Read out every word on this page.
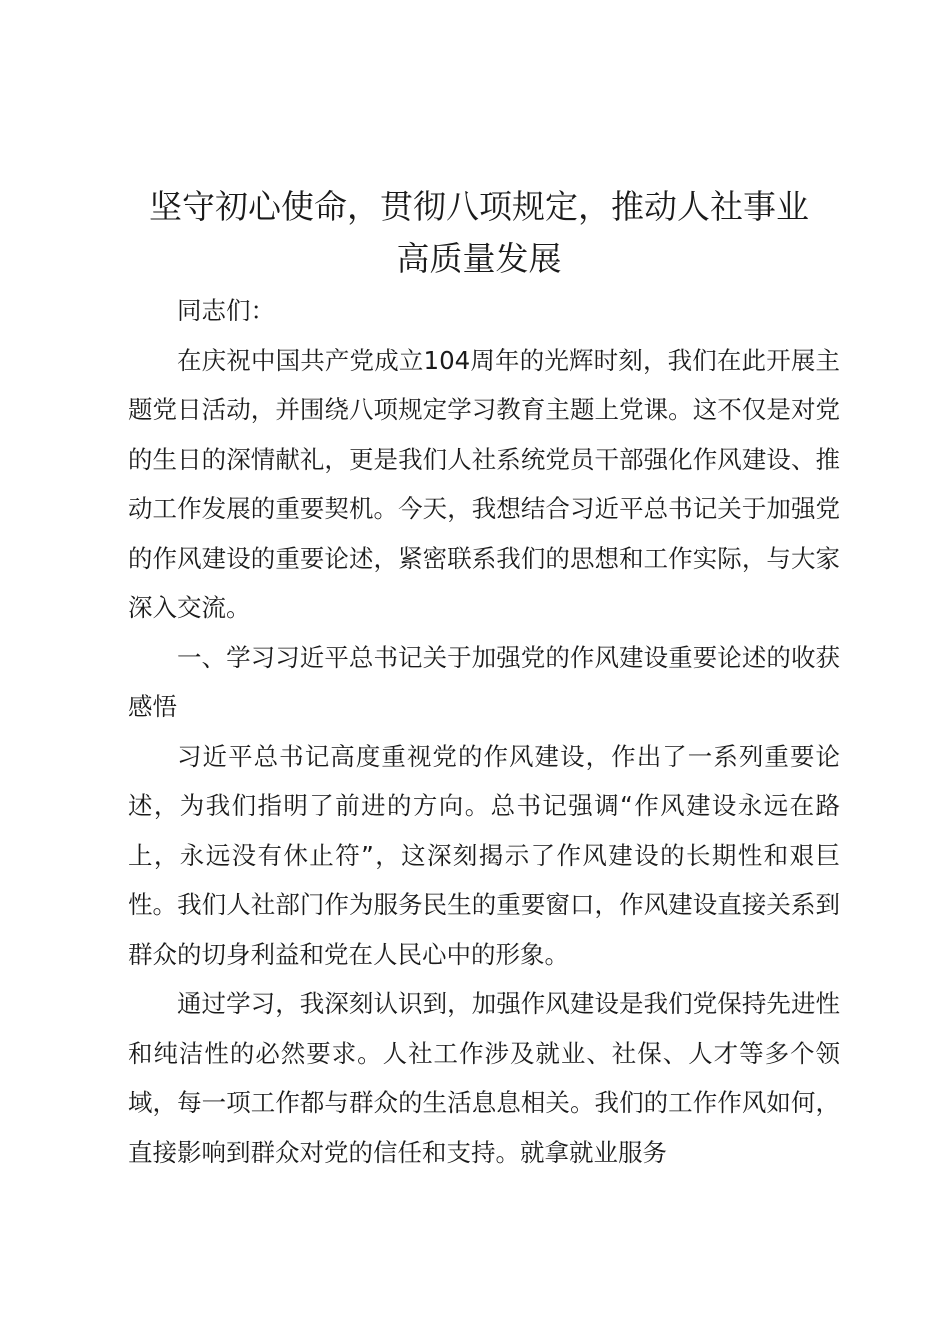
坚守初心使命，贯彻八项规定，推动人社事业
高质量发展

同志们：

在庆祝中国共产党成立104周年的光辉时刻，我们在此开展主题党日活动，并围绕八项规定学习教育主题上党课。这不仅是对党的生日的深情献礼，更是我们人社系统党员干部强化作风建设、推动工作发展的重要契机。今天，我想结合习近平总书记关于加强党的作风建设的重要论述，紧密联系我们的思想和工作实际，与大家深入交流。

一、学习习近平总书记关于加强党的作风建设重要论述的收获感悟

习近平总书记高度重视党的作风建设，作出了一系列重要论述，为我们指明了前进的方向。总书记强调“作风建设永远在路上，永远没有休止符”，这深刻揭示了作风建设的长期性和艰巨性。我们人社部门作为服务民生的重要窗口，作风建设直接关系到群众的切身利益和党在人民心中的形象。

通过学习，我深刻认识到，加强作风建设是我们党保持先进性和纯洁性的必然要求。人社工作涉及就业、社保、人才等多个领域，每一项工作都与群众的生活息息相关。我们的工作作风如何，直接影响到群众对党的信任和支持。就拿就业服务
